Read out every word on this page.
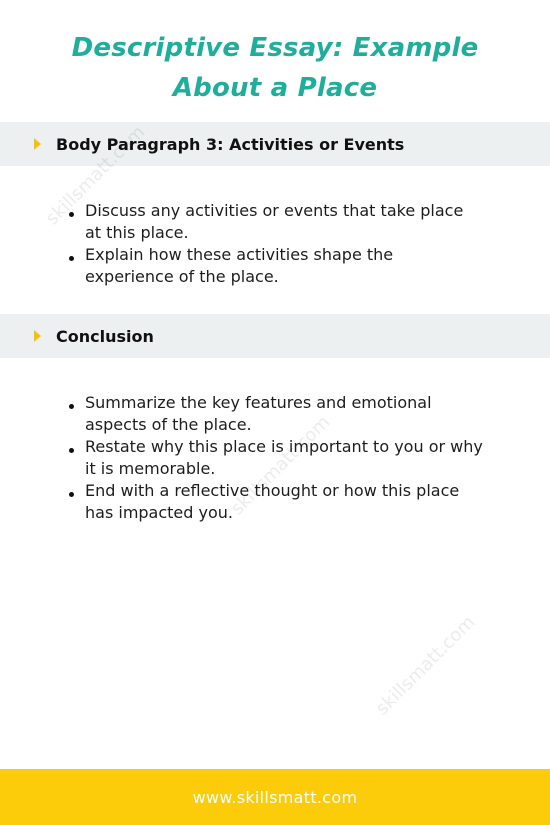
Descriptive Essay: Example About a Place
Body Paragraph 3: Activities or Events
Discuss any activities or events that take place at this place.
Explain how these activities shape the experience of the place.
Conclusion
Summarize the key features and emotional aspects of the place.
Restate why this place is important to you or why it is memorable.
End with a reflective thought or how this place has impacted you.
skillsmatt.com
skillsmatt.com
skillsmatt.com
www.skillsmatt.com
